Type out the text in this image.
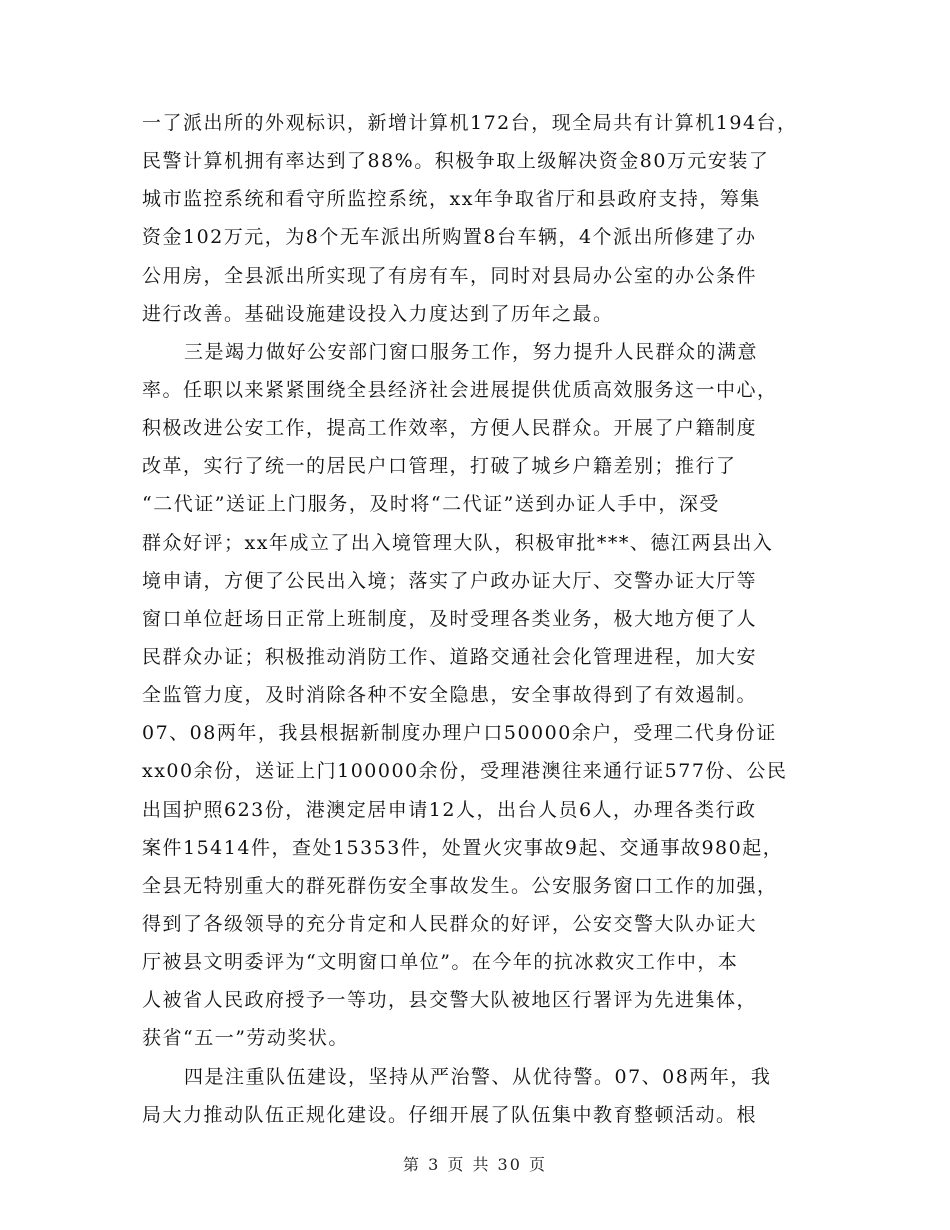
一了派出所的外观标识，新增计算机172台，现全局共有计算机194台，
民警计算机拥有率达到了88%。积极争取上级解决资金80万元安装了
城市监控系统和看守所监控系统，xx年争取省厅和县政府支持，筹集
资金102万元，为8个无车派出所购置8台车辆，4个派出所修建了办
公用房，全县派出所实现了有房有车，同时对县局办公室的办公条件
进行改善。基础设施建设投入力度达到了历年之最。
三是竭力做好公安部门窗口服务工作，努力提升人民群众的满意
率。任职以来紧紧围绕全县经济社会进展提供优质高效服务这一中心，
积极改进公安工作，提高工作效率，方便人民群众。开展了户籍制度
改革，实行了统一的居民户口管理，打破了城乡户籍差别；推行了
“二代证”送证上门服务，及时将“二代证”送到办证人手中，深受
群众好评；xx年成立了出入境管理大队，积极审批***、德江两县出入
境申请，方便了公民出入境；落实了户政办证大厅、交警办证大厅等
窗口单位赶场日正常上班制度，及时受理各类业务，极大地方便了人
民群众办证；积极推动消防工作、道路交通社会化管理进程，加大安
全监管力度，及时消除各种不安全隐患，安全事故得到了有效遏制。
07、08两年，我县根据新制度办理户口50000余户，受理二代身份证
xx00余份，送证上门100000余份，受理港澳往来通行证577份、公民
出国护照623份，港澳定居申请12人，出台人员6人，办理各类行政
案件15414件，查处15353件，处置火灾事故9起、交通事故980起，
全县无特别重大的群死群伤安全事故发生。公安服务窗口工作的加强，
得到了各级领导的充分肯定和人民群众的好评，公安交警大队办证大
厅被县文明委评为“文明窗口单位”。在今年的抗冰救灾工作中，本
人被省人民政府授予一等功，县交警大队被地区行署评为先进集体，
获省“五一”劳动奖状。
四是注重队伍建设，坚持从严治警、从优待警。07、08两年，我
局大力推动队伍正规化建设。仔细开展了队伍集中教育整顿活动。根
第 3 页 共 30 页
